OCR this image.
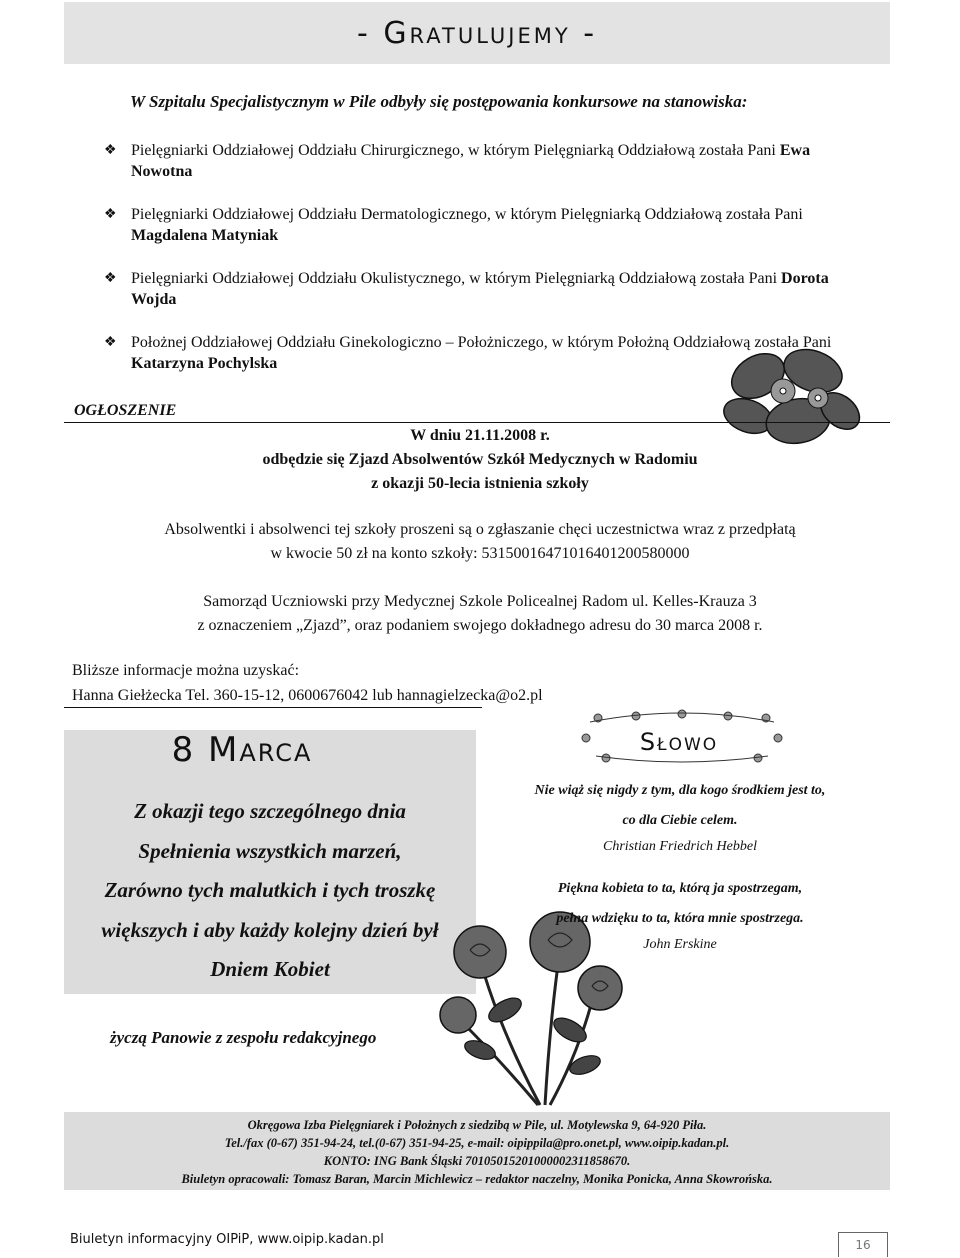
- Gratulujemy -
W Szpitalu Specjalistycznym w Pile odbyły się postępowania konkursowe na stanowiska:
❖ Pielęgniarki Oddziałowej Oddziału Chirurgicznego, w którym Pielęgniarką Oddziałową została Pani Ewa Nowotna
❖ Pielęgniarki Oddziałowej Oddziału Dermatologicznego, w którym Pielęgniarką Oddziałową została Pani Magdalena Matyniak
❖ Pielęgniarki Oddziałowej Oddziału Okulistycznego, w którym Pielęgniarką Oddziałową została Pani Dorota Wojda
❖ Położnej Oddziałowej Oddziału Ginekologiczno – Położniczego, w którym Położną Oddziałową została Pani Katarzyna Pochylska
OGŁOSZENIE
W dniu 21.11.2008 r.
odbędzie się Zjazd Absolwentów Szkół Medycznych w Radomiu
z okazji 50-lecia istnienia szkoły

Absolwentki i absolwenci tej szkoły proszeni są o zgłaszanie chęci uczestnictwa wraz z przedpłatą

w kwocie 50 zł na konto szkoły: 53150016471016401200580000

Samorząd Uczniowski przy Medycznej Szkole Policealnej Radom ul. Kelles-Krauza 3

z oznaczeniem „Zjazd”, oraz podaniem swojego dokładnego adresu do 30 marca 2008 r.

Bliższe informacje można uzyskać:
Hanna Giełżecka Tel. 360-15-12, 0600676042 lub hannagielzecka@o2.pl
8 Marca
Z okazji tego szczególnego dnia
Spełnienia wszystkich marzeń,
Zarówno tych malutkich i tych troszkę
większych i aby każdy kolejny dzień był
Dniem Kobiet
życzą Panowie z zespołu redakcyjnego
Słowo
Nie wiąż się nigdy z tym, dla kogo środkiem jest to,
co dla Ciebie celem.
Christian Friedrich Hebbel
Piękna kobieta to ta, którą ja spostrzegam,
pełna wdzięku to ta, która mnie spostrzega.
John Erskine
Okręgowa Izba Pielęgniarek i Położnych z siedzibą w Pile, ul. Motylewska 9, 64-920 Piła.
Tel./fax (0-67) 351-94-24, tel.(0-67) 351-94-25, e-mail: oipippila@pro.onet.pl, www.oipip.kadan.pl.
KONTO: ING Bank Śląski 70105015201000002311858670.
Biuletyn opracowali: Tomasz Baran, Marcin Michlewicz – redaktor naczelny, Monika Ponicka, Anna Skowrońska.
Biuletyn informacyjny OIPiP, www.oipip.kadan.pl	16
